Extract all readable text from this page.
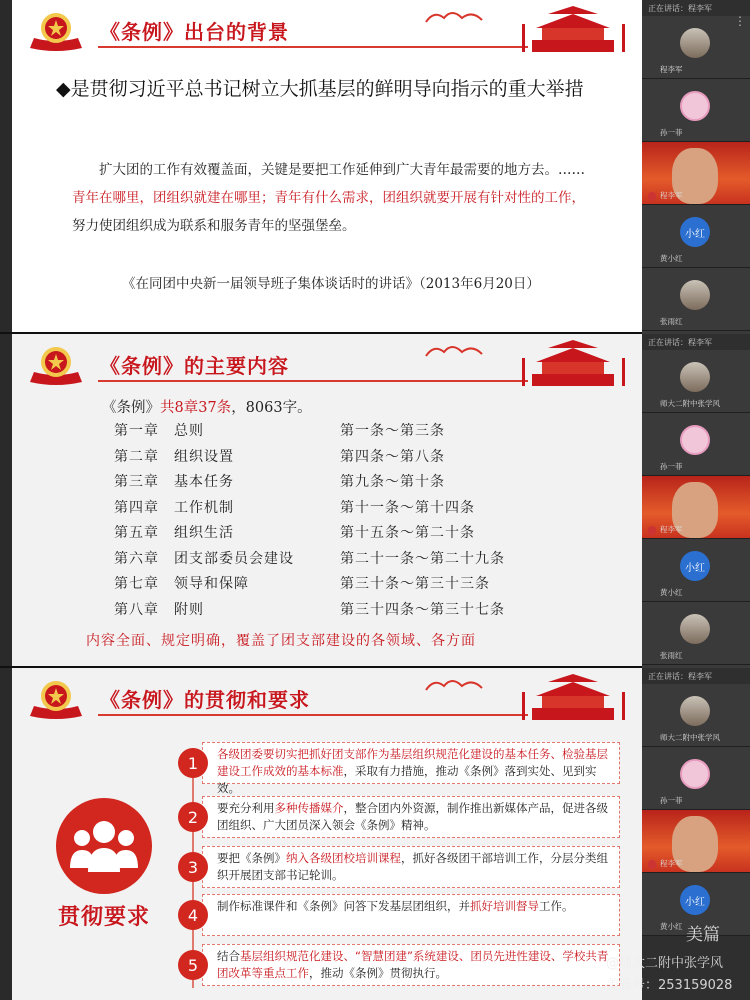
《条例》出台的背景
◆是贯彻习近平总书记树立大抓基层的鲜明导向指示的重大举措
扩大团的工作有效覆盖面，关键是要把工作延伸到广大青年最需要的地方去。……青年在哪里，团组织就建在哪里；青年有什么需求，团组织就要开展有针对性的工作，努力使团组织成为联系和服务青年的坚强堡垒。
《在同团中央新一届领导班子集体谈话时的讲话》（2013年6月20日）
正在讲话：程李军
程李军
⋮
孙一菲
程李军
小红
黄小红
张雨红
《条例》的主要内容
《条例》共8章37条，8063字。
第一章	总则	第一条～第三条
第二章	组织设置	第四条～第八条
第三章	基本任务	第九条～第十条
第四章	工作机制	第十一条～第十四条
第五章	组织生活	第十五条～第二十条
第六章	团支部委员会建设	第二十一条～第二十九条
第七章	领导和保障	第三十条～第三十三条
第八章	附则	第三十四条～第三十七条
内容全面、规定明确，覆盖了团支部建设的各领域、各方面
正在讲话：程李军
师大二附中张学风
孙一菲
程李军
小红
黄小红
张雨红
《条例》的贯彻和要求
贯彻要求
1	各级团委要切实把抓好团支部作为基层组织规范化建设的基本任务、检验基层建设工作成效的基本标准，采取有力措施，推动《条例》落到实处、见到实效。
2	要充分利用多种传播媒介，整合团内外资源，制作推出新媒体产品，促进各级团组织、广大团员深入领会《条例》精神。
3	要把《条例》纳入各级团校培训课程，抓好各级团干部培训工作，分层分类组织开展团支部书记轮训。
4	制作标准课件和《条例》问答下发基层团组织，并抓好培训督导工作。
5	结合基层组织规范化建设、“智慧团建”系统建设、团员先进性建设、学校共青团改革等重点工作，推动《条例》贯彻执行。
正在讲话：程李军
师大二附中张学风
孙一菲
程李军
小红
黄小红 美篇
@师大二附中张学风
美篇号：253159028
